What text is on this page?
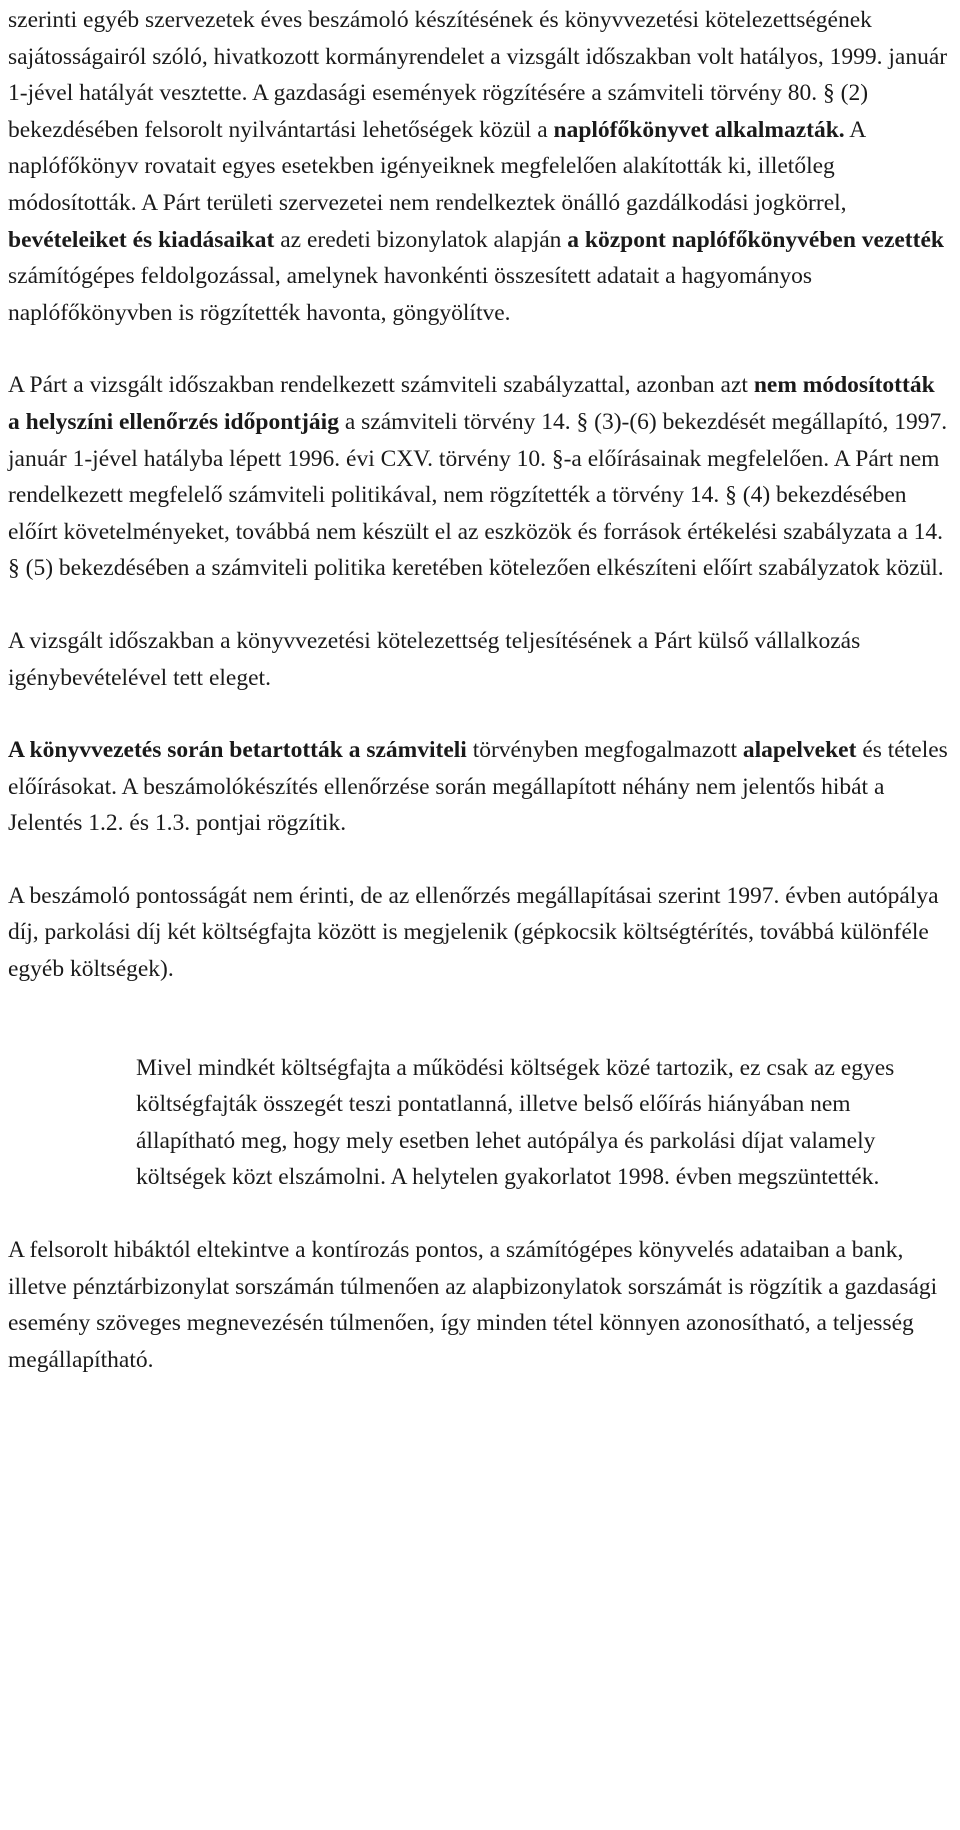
szerinti egyéb szervezetek éves beszámoló készítésének és könyvvezetési kötelezettségének sajátosságairól szóló, hivatkozott kormányrendelet a vizsgált időszakban volt hatályos, 1999. január 1-jével hatályát vesztette. A gazdasági események rögzítésére a számviteli törvény 80. § (2) bekezdésében felsorolt nyilvántartási lehetőségek közül a naplófőkönyvet alkalmazták. A naplófőkönyv rovatait egyes esetekben igényeiknek megfelelően alakították ki, illetőleg módosították. A Párt területi szervezetei nem rendelkeztek önálló gazdálkodási jogkörrel, bevételeiket és kiadásaikat az eredeti bizonylatok alapján a központ naplófőkönyvében vezették számítógépes feldolgozással, amelynek havonkénti összesített adatait a hagyományos naplófőkönyvben is rögzítették havonta, göngyölítve.

A Párt a vizsgált időszakban rendelkezett számviteli szabályzattal, azonban azt nem módosították a helyszíni ellenőrzés időpontjáig a számviteli törvény 14. § (3)-(6) bekezdését megállapító, 1997. január 1-jével hatályba lépett 1996. évi CXV. törvény 10. §-a előírásainak megfelelően. A Párt nem rendelkezett megfelelő számviteli politikával, nem rögzítették a törvény 14. § (4) bekezdésében előírt követelményeket, továbbá nem készült el az eszközök és források értékelési szabályzata a 14. § (5) bekezdésében a számviteli politika keretében kötelezően elkészíteni előírt szabályzatok közül.

A vizsgált időszakban a könyvvezetési kötelezettség teljesítésének a Párt külső vállalkozás igénybevételével tett eleget.

A könyvvezetés során betartották a számviteli törvényben megfogalmazott alapelveket és tételes előírásokat. A beszámolókészítés ellenőrzése során megállapított néhány nem jelentős hibát a Jelentés 1.2. és 1.3. pontjai rögzítik.

A beszámoló pontosságát nem érinti, de az ellenőrzés megállapításai szerint 1997. évben autópálya díj, parkolási díj két költségfajta között is megjelenik (gépkocsik költségtérítés, továbbá különféle egyéb költségek).

Mivel mindkét költségfajta a működési költségek közé tartozik, ez csak az egyes költségfajták összegét teszi pontatlanná, illetve belső előírás hiányában nem állapítható meg, hogy mely esetben lehet autópálya és parkolási díjat valamely költségek közt elszámolni. A helytelen gyakorlatot 1998. évben megszüntették.

A felsorolt hibáktól eltekintve a kontírozás pontos, a számítógépes könyvelés adataiban a bank, illetve pénztárbizonylat sorszámán túlmenően az alapbizonylatok sorszámát is rögzítik a gazdasági esemény szöveges megnevezésén túlmenően, így minden tétel könnyen azonosítható, a teljesség megállapítható.
